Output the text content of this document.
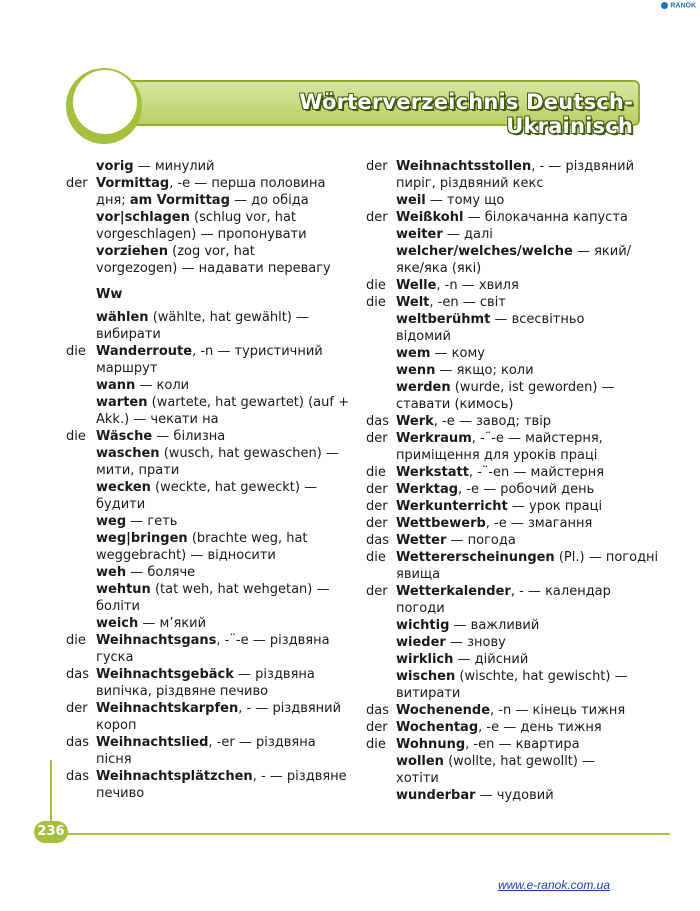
RANOK
Wörterverzeichnis Deutsch-Ukrainisch
vorig — минулий
der Vormittag, -e — перша половина
дня; am Vormittag — до обіда
vor|schlagen (schlug vor, hat
vorgeschlagen) — пропонувати
vorziehen (zog vor, hat
vorgezogen) — надавати перевагу
Ww
wählen (wählte, hat gewählt) —
вибирати
die Wanderroute, -n — туристичний
маршрут
wann — коли
warten (wartete, hat gewartet) (auf +
Akk.) — чекати на
die Wäsche — білизна
waschen (wusch, hat gewaschen) —
мити, прати
wecken (weckte, hat geweckt) —
будити
weg — геть
weg|bringen (brachte weg, hat
weggebracht) — відносити
weh — боляче
wehtun (tat weh, hat wehgetan) —
боліти
weich — м’який
die Weihnachtsgans, -¨-e — різдвяна
гуска
das Weihnachtsgebäck — різдвяна
випічка, різдвяне печиво
der Weihnachtskarpfen, - — різдвяний
короп
das Weihnachtslied, -er — різдвяна
пісня
das Weihnachtsplätzchen, - — різдвяне
печиво
der Weihnachtsstollen, - — різдвяний
пиріг, різдвяний кекс
weil — тому що
der Weißkohl — білокачанна капуста
weiter — далі
welcher/welches/welche — який/
яке/яка (які)
die Welle, -n — хвиля
die Welt, -en — світ
weltberühmt — всесвітньо
відомий
wem — кому
wenn — якщо; коли
werden (wurde, ist geworden) —
ставати (кимось)
das Werk, -e — завод; твір
der Werkraum, -¨-e — майстерня,
приміщення для уроків праці
die Werkstatt, -¨-en — майстерня
der Werktag, -e — робочий день
der Werkunterricht — урок праці
der Wettbewerb, -e — змагання
das Wetter — погода
die Wettererscheinungen (Pl.) — погодні
явища
der Wetterkalender, - — календар
погоди
wichtig — важливий
wieder — знову
wirklich — дійсний
wischen (wischte, hat gewischt) —
витирати
das Wochenende, -n — кінець тижня
der Wochentag, -e — день тижня
die Wohnung, -en — квартира
wollen (wollte, hat gewollt) —
хотіти
wunderbar — чудовий
236
www.e-ranok.com.ua
